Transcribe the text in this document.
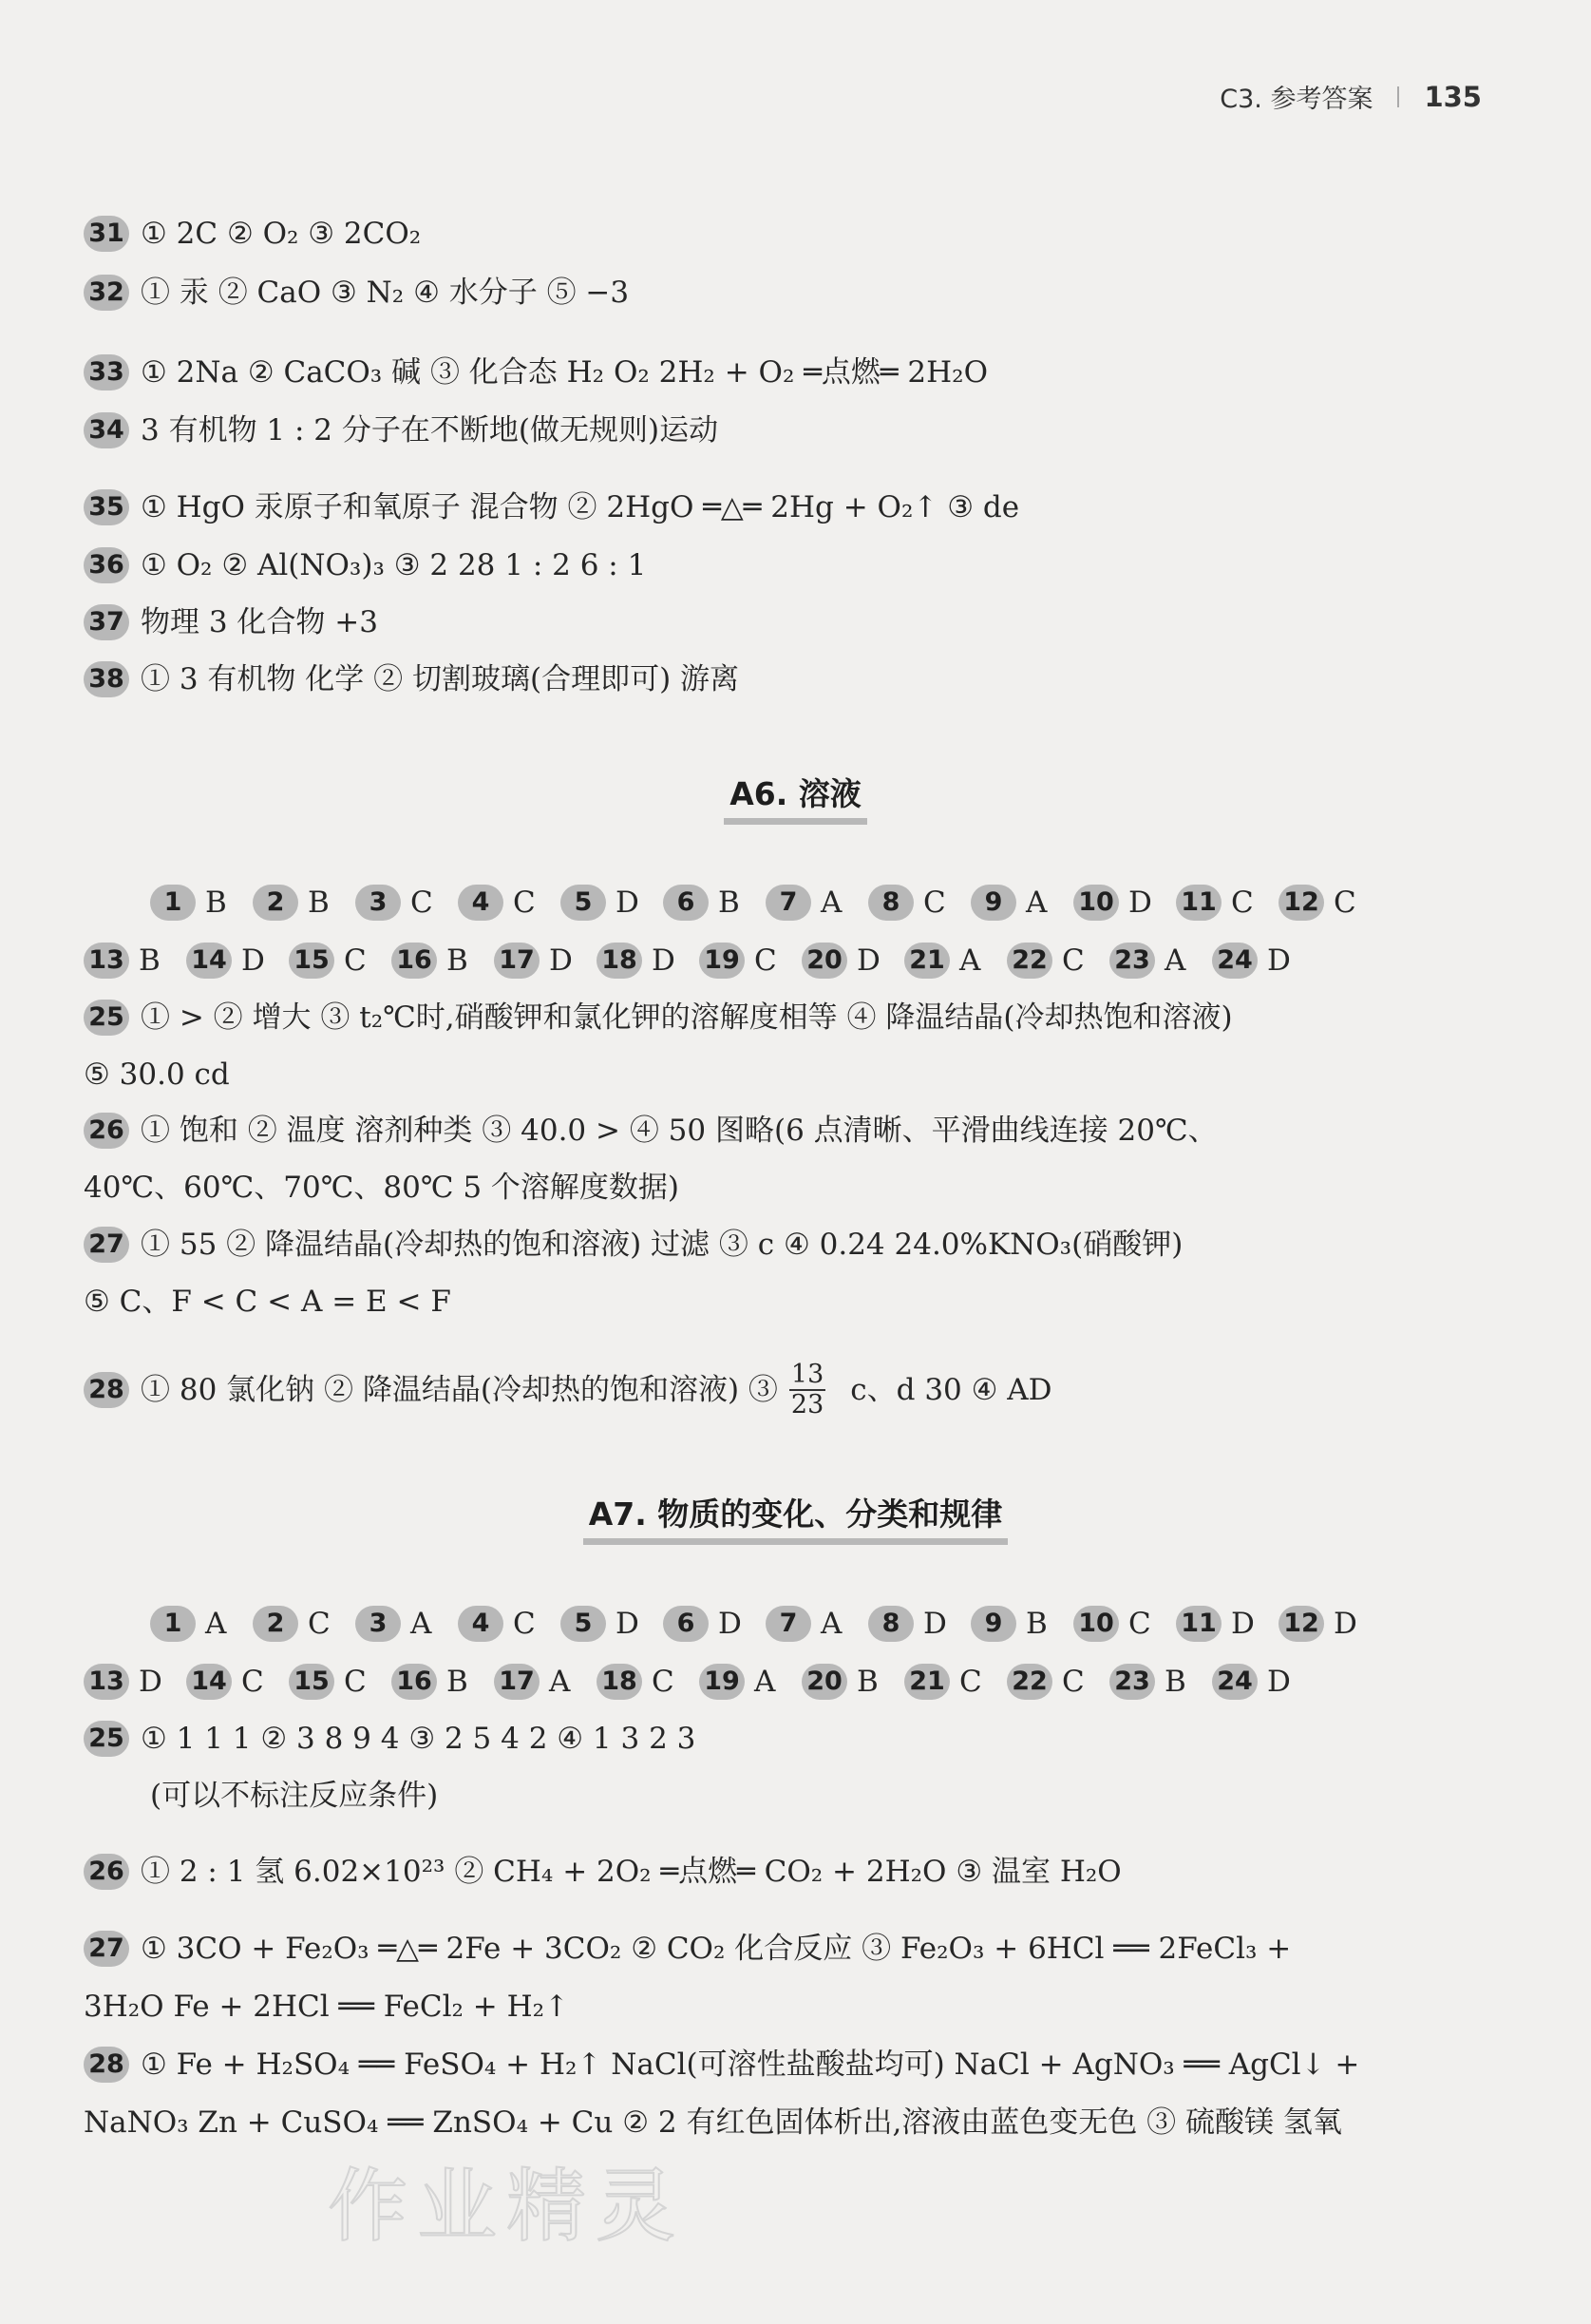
C3. 参考答案 135
31 ① 2C ② O₂ ③ 2CO₂
32 ① 汞 ② CaO ③ N₂ ④ 水分子 ⑤ −3
33 ① 2Na ② CaCO₃ 碱 ③ 化合态 H₂ O₂ 2H₂ + O₂ ═点燃═ 2H₂O
34 3 有机物 1 : 2 分子在不断地(做无规则)运动
35 ① HgO 汞原子和氧原子 混合物 ② 2HgO ═△═ 2Hg + O₂↑ ③ de
36 ① O₂ ② Al(NO₃)₃ ③ 2 28 1 : 2 6 : 1
37 物理 3 化合物 +3
38 ① 3 有机物 化学 ② 切割玻璃(合理即可) 游离
A6. 溶液
1 B	2 B	3 C	4 C	5 D	6 B	7 A	8 C	9 A	10 D	11 C	12 C
13 B	14 D	15 C	16 B	17 D	18 D	19 C	20 D	21 A	22 C	23 A	24 D
25 ① > ② 增大 ③ t₂℃时,硝酸钾和氯化钾的溶解度相等 ④ 降温结晶(冷却热饱和溶液)
⑤ 30.0 cd
26 ① 饱和 ② 温度 溶剂种类 ③ 40.0 > ④ 50 图略(6 点清晰、平滑曲线连接 20℃、
40℃、60℃、70℃、80℃ 5 个溶解度数据)
27 ① 55 ② 降温结晶(冷却热的饱和溶液) 过滤 ③ c ④ 0.24 24.0%KNO₃(硝酸钾)
⑤ C、F < C < A = E < F
28 ① 80 氯化钠 ② 降温结晶(冷却热的饱和溶液) ③ $\frac{13}{23}$ c、d 30 ④ AD
A7. 物质的变化、分类和规律
1 A	2 C	3 A	4 C	5 D	6 D	7 A	8 D	9 B	10 C	11 D	12 D
13 D	14 C	15 C	16 B	17 A	18 C	19 A	20 B	21 C	22 C	23 B	24 D
25 ① 1 1 1 ② 3 8 9 4 ③ 2 5 4 2 ④ 1 3 2 3
(可以不标注反应条件)
26 ① 2 : 1 氢 6.02×10²³ ② CH₄ + 2O₂ ═点燃═ CO₂ + 2H₂O ③ 温室 H₂O
27 ① 3CO + Fe₂O₃ ═△═ 2Fe + 3CO₂ ② CO₂ 化合反应 ③ Fe₂O₃ + 6HCl ══ 2FeCl₃ +
3H₂O Fe + 2HCl ══ FeCl₂ + H₂↑
28 ① Fe + H₂SO₄ ══ FeSO₄ + H₂↑ NaCl(可溶性盐酸盐均可) NaCl + AgNO₃ ══ AgCl↓ +
NaNO₃ Zn + CuSO₄ ══ ZnSO₄ + Cu ② 2 有红色固体析出,溶液由蓝色变无色 ③ 硫酸镁 氢氧
作业精灵
